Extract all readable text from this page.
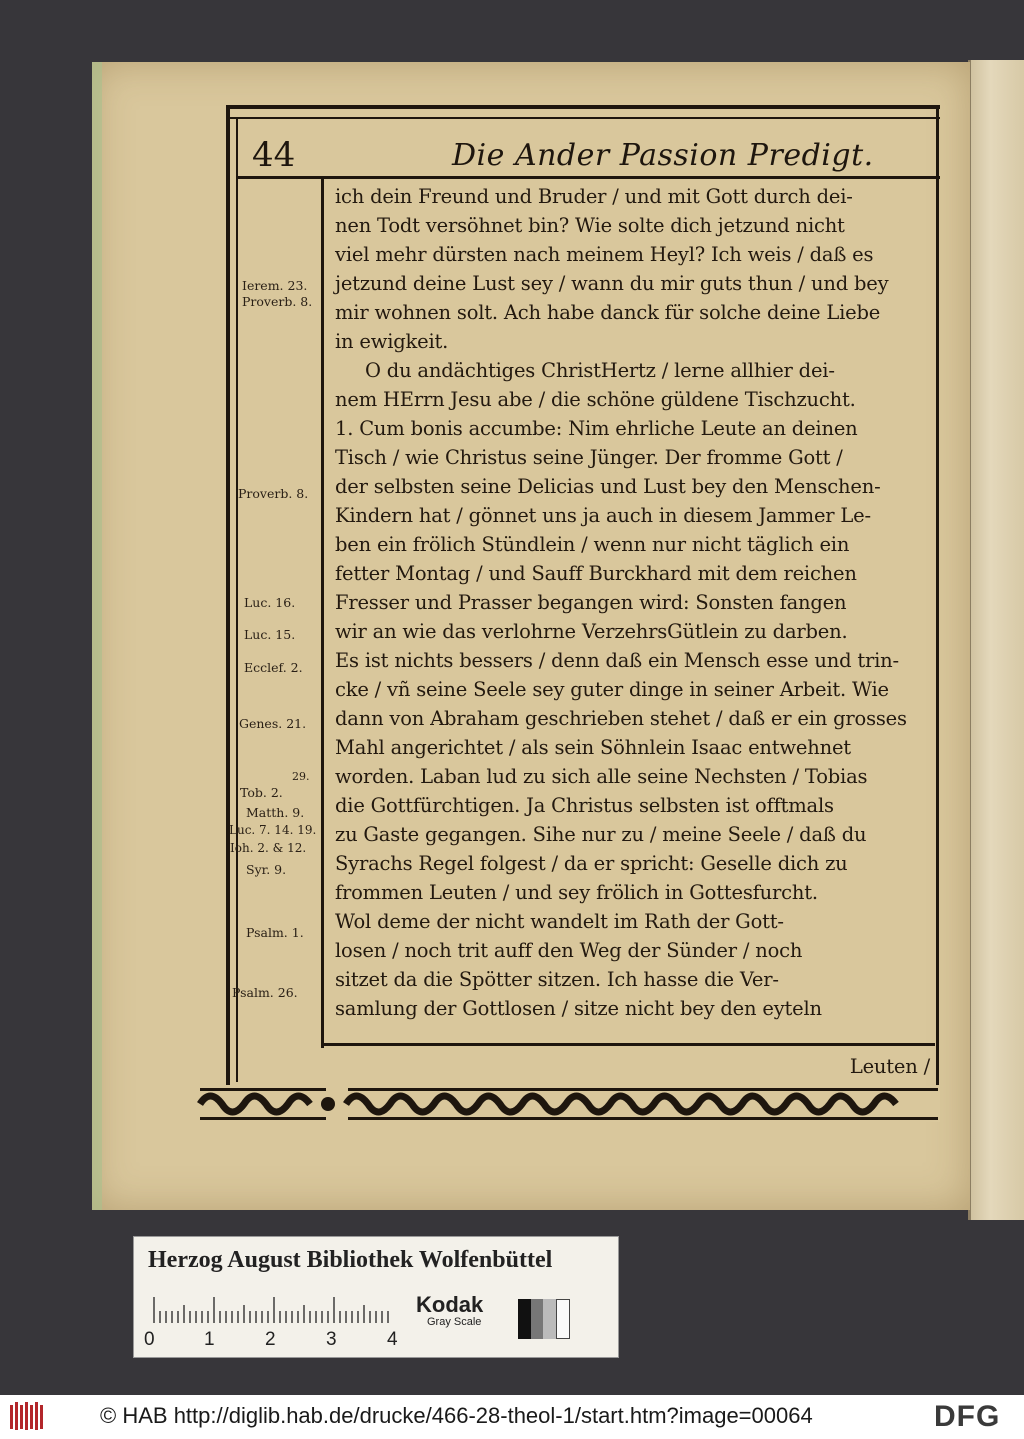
44	Die Ander Passion Predigt.
ich dein Freund und Bruder / und mit Gott durch dei-
nen Todt versöhnet bin? Wie solte dich jetzund nicht
viel mehr dürsten nach meinem Heyl? Ich weis / daß es
jetzund deine Lust sey / wann du mir guts thun / und bey
mir wohnen solt. Ach habe danck für solche deine Liebe
in ewigkeit.
O du andächtiges ChristHertz / lerne allhier dei-
nem HErrn Jesu abe / die schöne güldene Tischzucht.
1. Cum bonis accumbe: Nim ehrliche Leute an deinen
Tisch / wie Christus seine Jünger. Der fromme Gott /
der selbsten seine Delicias und Lust bey den Menschen-
Kindern hat / gönnet uns ja auch in diesem Jammer Le-
ben ein frölich Stündlein / wenn nur nicht täglich ein
fetter Montag / und Sauff Burckhard mit dem reichen
Fresser und Prasser begangen wird: Sonsten fangen
wir an wie das verlohrne VerzehrsGütlein zu darben.
Es ist nichts bessers / denn daß ein Mensch esse und trin-
cke / vñ seine Seele sey guter dinge in seiner Arbeit. Wie
dann von Abraham geschrieben stehet / daß er ein grosses
Mahl angerichtet / als sein Söhnlein Isaac entwehnet
worden. Laban lud zu sich alle seine Nechsten / Tobias
die Gottfürchtigen. Ja Christus selbsten ist offtmals
zu Gaste gegangen. Sihe nur zu / meine Seele / daß du
Syrachs Regel folgest / da er spricht: Geselle dich zu
frommen Leuten / und sey frölich in Gottesfurcht.
Wol deme der nicht wandelt im Rath der Gott-
losen / noch trit auff den Weg der Sünder / noch
sitzet da die Spötter sitzen. Ich hasse die Ver-
samlung der Gottlosen / sitze nicht bey den eyteln
Leuten /
Ierem. 23.
Proverb. 8.
Proverb. 8.
Luc. 16.
Luc. 15.
Ecclef. 2.
Genes. 21.
29.
Tob. 2.
Matth. 9.
Luc. 7. 14. 19.
Ioh. 2. & 12.
Syr. 9.
Psalm. 1.
Psalm. 26.
Herzog August Bibliothek Wolfenbüttel
0	1	2	3	4
Kodak
Gray Scale
© HAB http://diglib.hab.de/drucke/466-28-theol-1/start.htm?image=00064	DFG
